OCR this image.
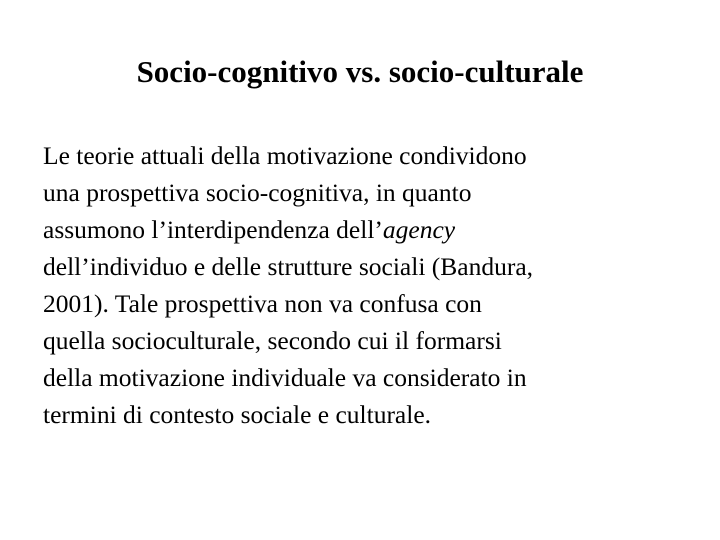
Socio-cognitivo vs. socio-culturale
Le teorie attuali della motivazione condividono
una prospettiva socio-cognitiva, in quanto
assumono l’interdipendenza dell’agency
dell’individuo e delle strutture sociali (Bandura,
2001). Tale prospettiva non va confusa con
quella socioculturale, secondo cui il formarsi
della motivazione individuale va considerato in
termini di contesto sociale e culturale.
